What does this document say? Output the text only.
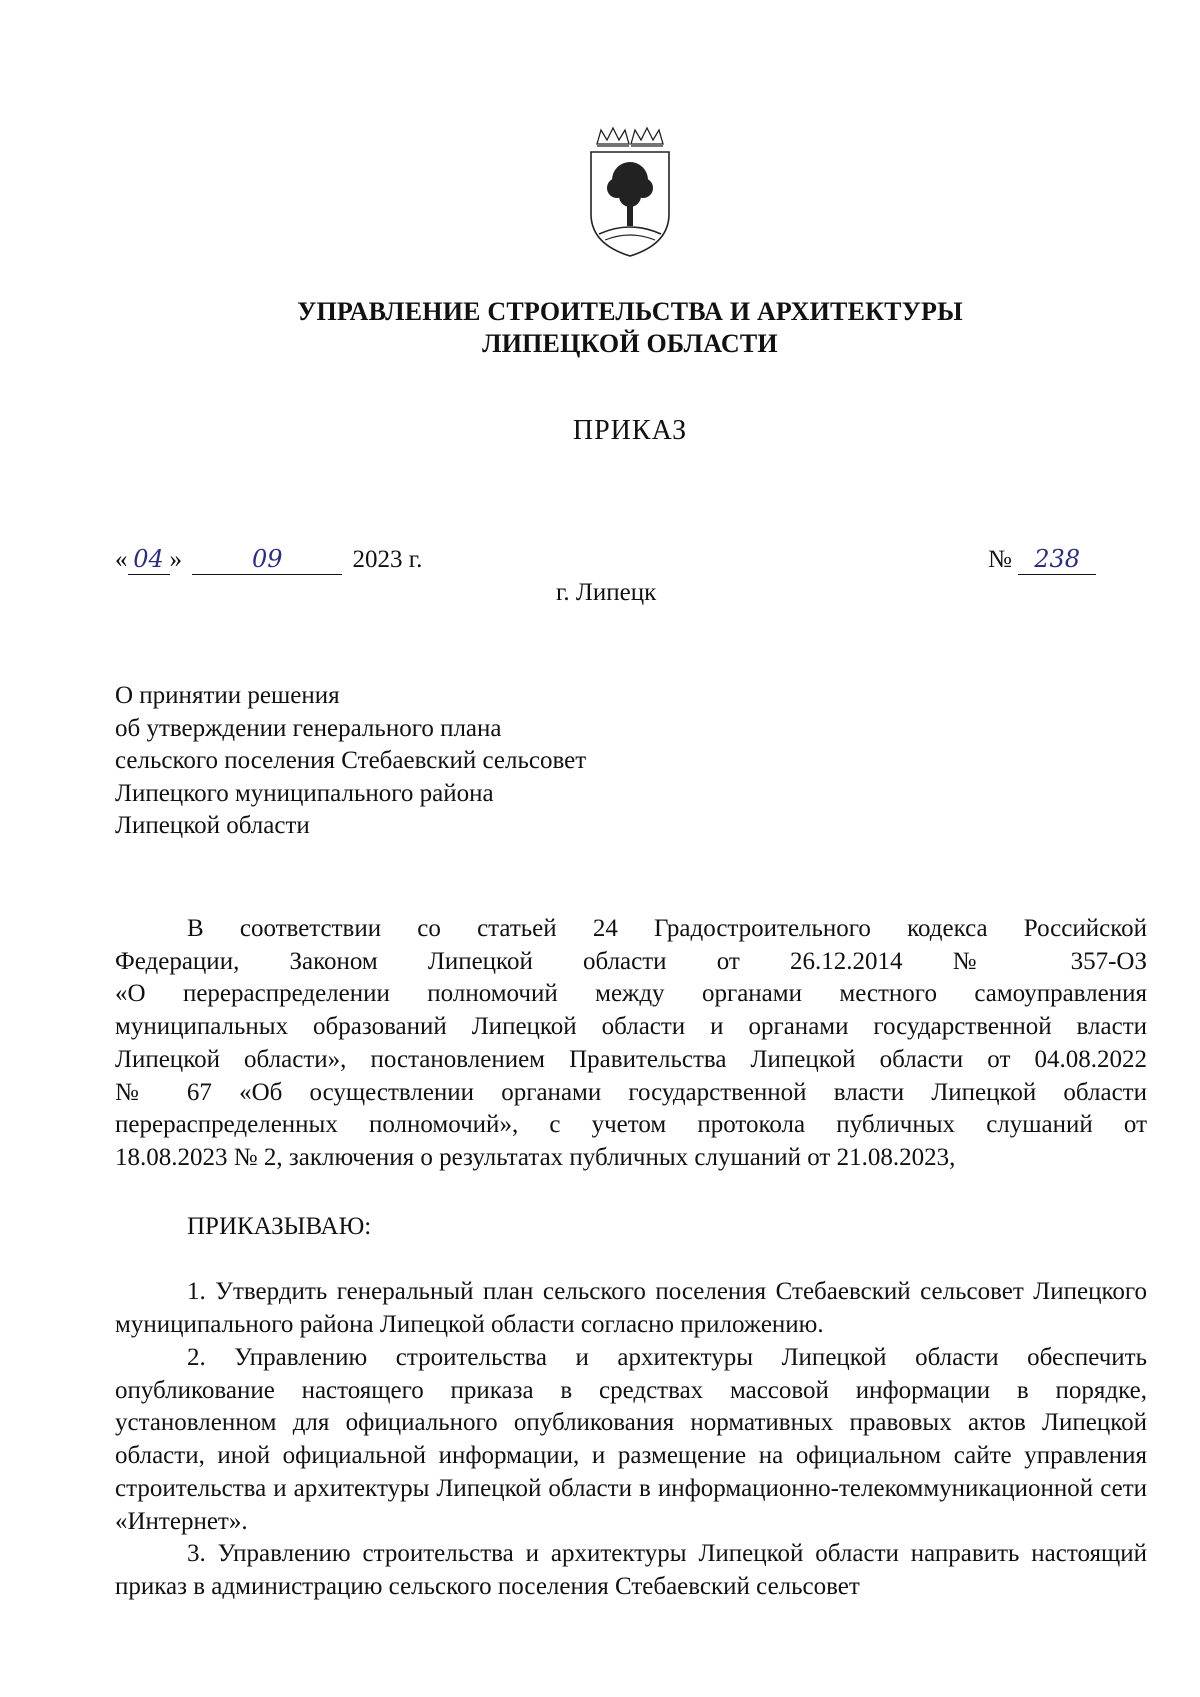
УПРАВЛЕНИЕ СТРОИТЕЛЬСТВА И АРХИТЕКТУРЫ
ЛИПЕЦКОЙ ОБЛАСТИ
ПРИКАЗ
« 04 »	09	2023 г.	№ 238
г. Липецк
О принятии решения
об утверждении генерального плана
сельского поселения Стебаевский сельсовет
Липецкого муниципального района
Липецкой области
В соответствии со статьей 24 Градостроительного кодекса Российской
Федерации, Законом Липецкой области от 26.12.2014 № 357-ОЗ
«О перераспределении полномочий между органами местного самоуправления
муниципальных образований Липецкой области и органами государственной власти
Липецкой области», постановлением Правительства Липецкой области от 04.08.2022
№ 67 «Об осуществлении органами государственной власти Липецкой области
перераспределенных полномочий», с учетом протокола публичных слушаний от
18.08.2023 № 2, заключения о результатах публичных слушаний от 21.08.2023,
ПРИКАЗЫВАЮ:
1. Утвердить генеральный план сельского поселения Стебаевский сельсовет Липецкого муниципального района Липецкой области согласно приложению.
2. Управлению строительства и архитектуры Липецкой области обеспечить опубликование настоящего приказа в средствах массовой информации в порядке, установленном для официального опубликования нормативных правовых актов Липецкой области, иной официальной информации, и размещение на официальном сайте управления строительства и архитектуры Липецкой области в информационно-телекоммуникационной сети «Интернет».
3. Управлению строительства и архитектуры Липецкой области направить настоящий приказ в администрацию сельского поселения Стебаевский сельсовет
